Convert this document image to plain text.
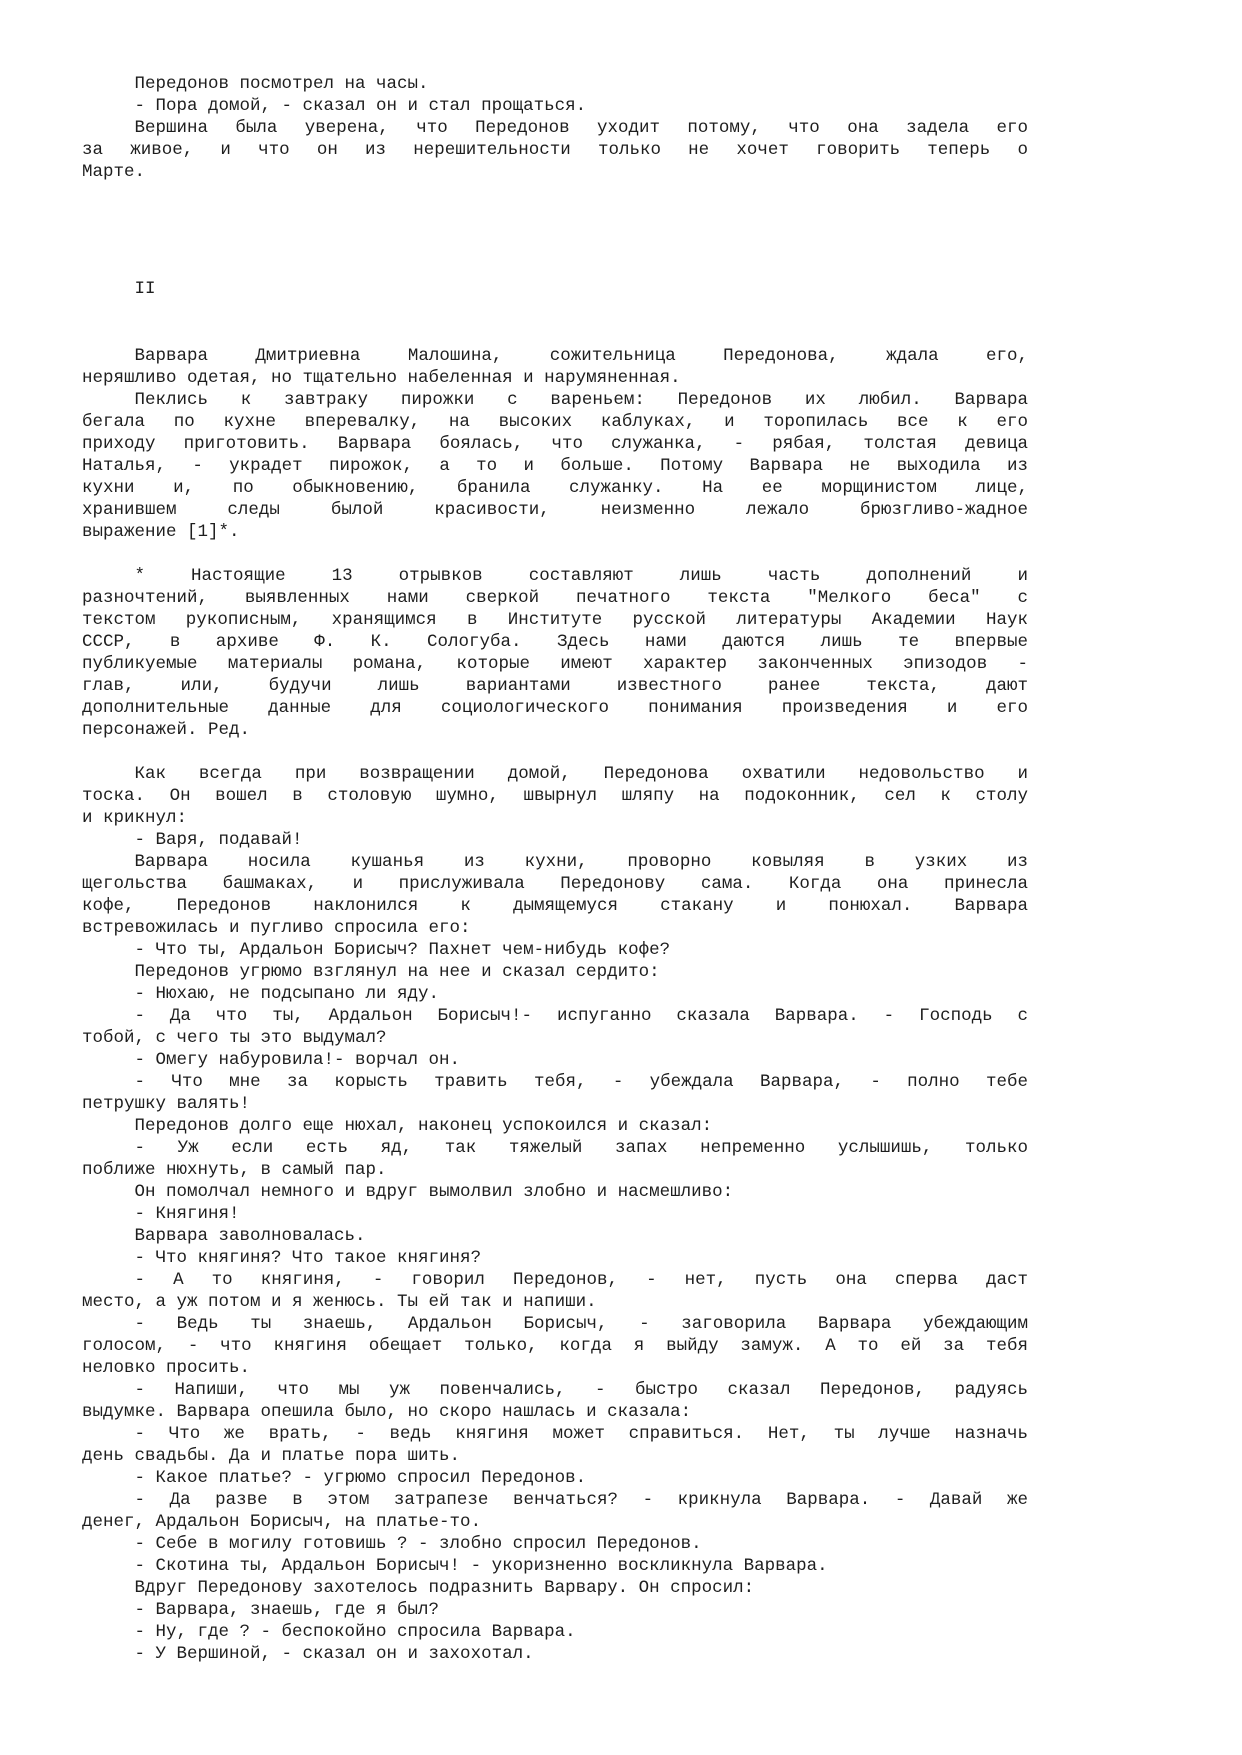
Передонов посмотрел на часы.
- Пора домой, - сказал он и стал прощаться.
Вершина была уверена, что Передонов уходит потому, что она задела его
за живое, и что он из нерешительности только не хочет говорить теперь о
Марте.
II
Варвара Дмитриевна Малошина, сожительница Передонова, ждала его,
неряшливо одетая, но тщательно набеленная и нарумяненная.
Пеклись к завтраку пирожки с вареньем: Передонов их любил. Варвара
бегала по кухне вперевалку, на высоких каблуках, и торопилась все к его
приходу приготовить. Варвара боялась, что служанка, - рябая, толстая девица
Наталья, - украдет пирожок, а то и больше. Потому Варвара не выходила из
кухни и, по обыкновению, бранила служанку. На ее морщинистом лице,
хранившем следы былой красивости, неизменно лежало брюзгливо-жадное
выражение [1]*.
* Настоящие 13 отрывков составляют лишь часть дополнений и
разночтений, выявленных нами сверкой печатного текста "Мелкого беса" с
текстом рукописным, хранящимся в Институте русской литературы Академии Наук
СССР, в архиве Ф. К. Сологуба. Здесь нами даются лишь те впервые
публикуемые материалы романа, которые имеют характер законченных эпизодов -
глав, или, будучи лишь вариантами известного ранее текста, дают
дополнительные данные для социологического понимания произведения и его
персонажей. Ред.
Как всегда при возвращении домой, Передонова охватили недовольство и
тоска. Он вошел в столовую шумно, швырнул шляпу на подоконник, сел к столу
и крикнул:
- Варя, подавай!
Варвара носила кушанья из кухни, проворно ковыляя в узких из
щегольства башмаках, и прислуживала Передонову сама. Когда она принесла
кофе, Передонов наклонился к дымящемуся стакану и понюхал. Варвара
встревожилась и пугливо спросила его:
- Что ты, Ардальон Борисыч? Пахнет чем-нибудь кофе?
Передонов угрюмо взглянул на нее и сказал сердито:
- Нюхаю, не подсыпано ли яду.
- Да что ты, Ардальон Борисыч!- испуганно сказала Варвара. - Господь с
тобой, с чего ты это выдумал?
- Омегу набуровила!- ворчал он.
- Что мне за корысть травить тебя, - убеждала Варвара, - полно тебе
петрушку валять!
Передонов долго еще нюхал, наконец успокоился и сказал:
- Уж если есть яд, так тяжелый запах непременно услышишь, только
поближе нюхнуть, в самый пар.
Он помолчал немного и вдруг вымолвил злобно и насмешливо:
- Княгиня!
Варвара заволновалась.
- Что княгиня? Что такое княгиня?
- А то княгиня, - говорил Передонов, - нет, пусть она сперва даст
место, а уж потом и я женюсь. Ты ей так и напиши.
- Ведь ты знаешь, Ардальон Борисыч, - заговорила Варвара убеждающим
голосом, - что княгиня обещает только, когда я выйду замуж. А то ей за тебя
неловко просить.
- Напиши, что мы уж повенчались, - быстро сказал Передонов, радуясь
выдумке. Варвара опешила было, но скоро нашлась и сказала:
- Что же врать, - ведь княгиня может справиться. Нет, ты лучше назначь
день свадьбы. Да и платье пора шить.
- Какое платье? - угрюмо спросил Передонов.
- Да разве в этом затрапезе венчаться? - крикнула Варвара. - Давай же
денег, Ардальон Борисыч, на платье-то.
- Себе в могилу готовишь ? - злобно спросил Передонов.
- Скотина ты, Ардальон Борисыч! - укоризненно воскликнула Варвара.
Вдруг Передонову захотелось подразнить Варвару. Он спросил:
- Варвара, знаешь, где я был?
- Ну, где ? - беспокойно спросила Варвара.
- У Вершиной, - сказал он и захохотал.
